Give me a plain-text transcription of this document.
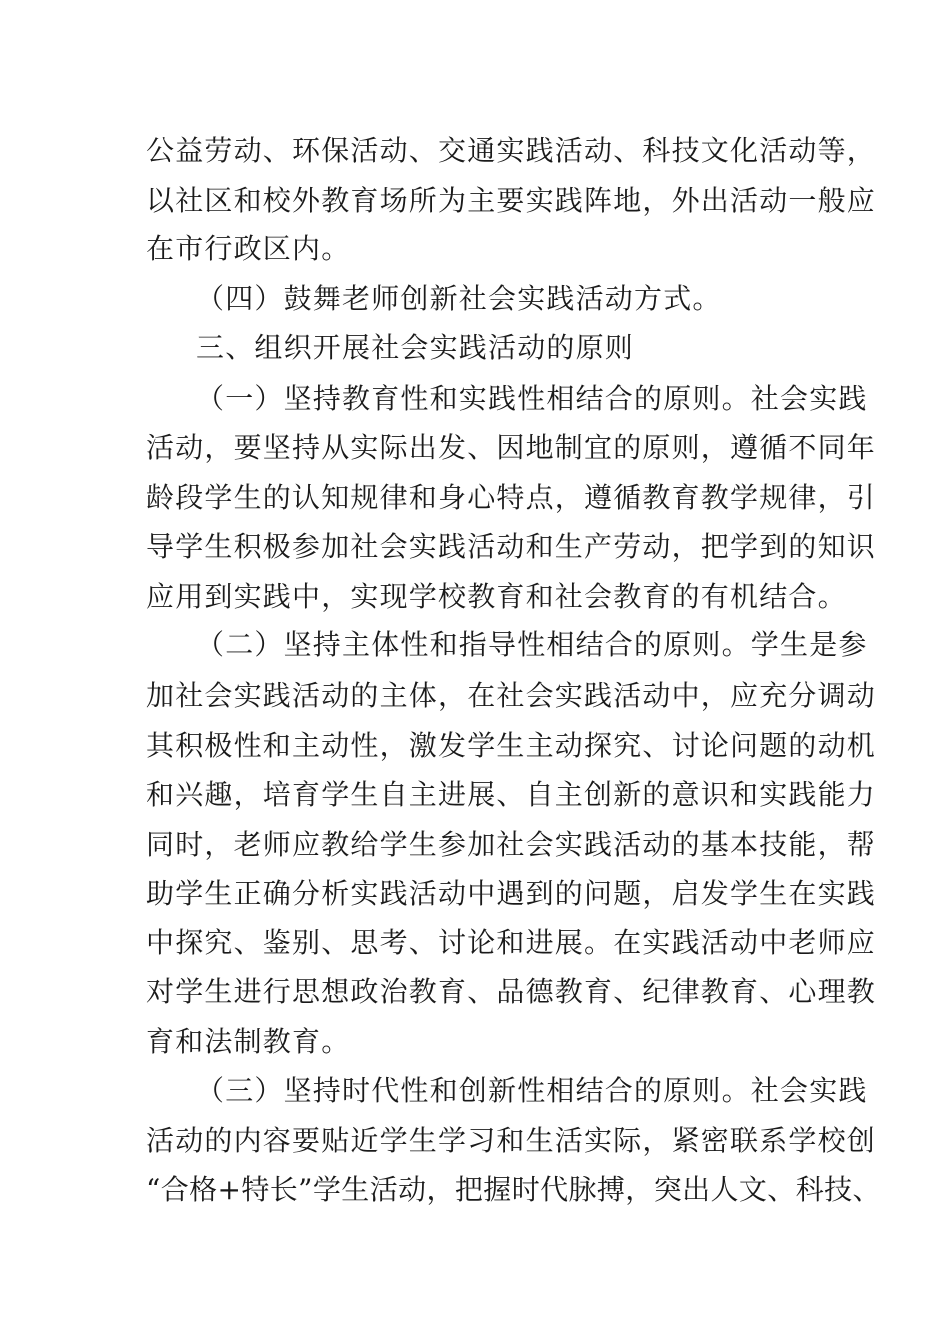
公益劳动、环保活动、交通实践活动、科技文化活动等，
以社区和校外教育场所为主要实践阵地，外出活动一般应
在市行政区内。
（四）鼓舞老师创新社会实践活动方式。
三、组织开展社会实践活动的原则
（一）坚持教育性和实践性相结合的原则。社会实践
活动，要坚持从实际出发、因地制宜的原则，遵循不同年
龄段学生的认知规律和身心特点，遵循教育教学规律，引
导学生积极参加社会实践活动和生产劳动，把学到的知识
应用到实践中，实现学校教育和社会教育的有机结合。
（二）坚持主体性和指导性相结合的原则。学生是参
加社会实践活动的主体，在社会实践活动中，应充分调动
其积极性和主动性，激发学生主动探究、讨论问题的动机
和兴趣，培育学生自主进展、自主创新的意识和实践能力
同时，老师应教给学生参加社会实践活动的基本技能，帮
助学生正确分析实践活动中遇到的问题，启发学生在实践
中探究、鉴别、思考、讨论和进展。在实践活动中老师应
对学生进行思想政治教育、品德教育、纪律教育、心理教
育和法制教育。
（三）坚持时代性和创新性相结合的原则。社会实践
活动的内容要贴近学生学习和生活实际，紧密联系学校创
“合格+特长”学生活动，把握时代脉搏，突出人文、科技、
